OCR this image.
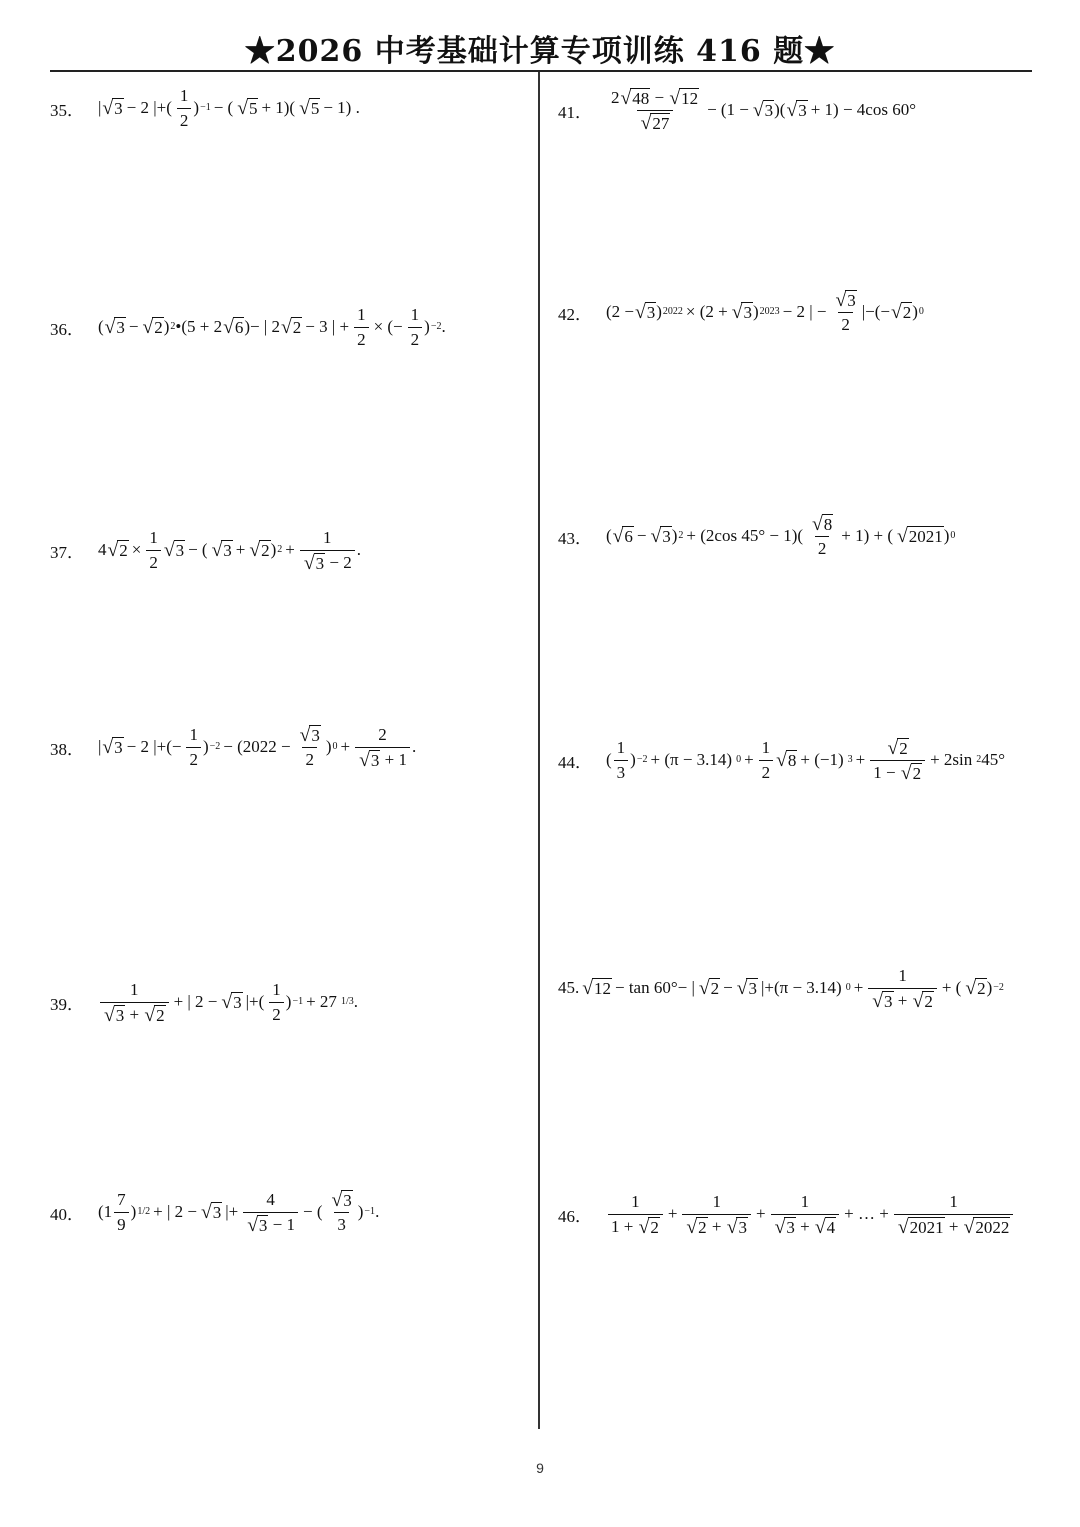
★2026 中考基础计算专项训练 416 题★
35． | √ 3 − 2 |+(
1
2
) −1 − ( √ 5 + 1)( √ 5 − 1) .
36． ( √ 3 − √ 2 ) 2 •(5 + 2 √ 6 )− | 2 √ 2 − 3 | + $\frac{1}{2}$ × (− $\frac{1}{2}$ ) −2 .
37． 4 √ $2 \times \frac{1}{2}$ √ 3 − ( √ 3 + √ 2 ) $2 + \frac{1}{√ 3 - 2}$ .
38． | √ 3 − 2 |+(− $\frac{1}{2}$ ) $-2 - (2022 - \frac{√ 3}{2}$ ) $0 + \frac{2}{√ 3 + 1}$ .
39．
1
√ 3 + √ 2
+ | 2 − √ 3 |+(
1
2
) −1 + 27 1/3 .
40． (1
7
9
) 1/2 + | 2 − √ 3 |+ $\frac{4}{√ 3 - 1}$ − (
√ 3
3
) −1 .
41．
2 √ 48 − √ 12
√ 27
− (1 − √ 3 )( √ 3 + 1) − 4cos 60°
42． (2 − √ 3 ) 2022 × (2 + √ 3 ) 2023 − 2 | − $\frac{√ 3}{2}$ |−(− √ 2 ) 0
43． ( √ 6 − √ 3 ) 2 + (2cos 45° − 1)(
√ 8
2
+ 1) + ( √ 2021 ) 0
44． (
1
3
) −2 + (π − 3.14) $0 + \frac{1}{2}$ √ 8 + (−1) $3 + \frac{√ 2}{1 - √ 2} + 2\sin$ 2 45°
45. √ 12 − tan 60°− | √ 2 − √ 3 |+(π − 3.14) $0 + \frac{1}{√ 3 + √ 2}$ + ( √ 2 ) −2
46．
1
1 + √ 2
+ $\frac{1}{√ 2 + √ 3} + \frac{1}{√ 3 + √ 4}$ + … + $\frac{1}{√ 2021 + √ 2022}$
9
